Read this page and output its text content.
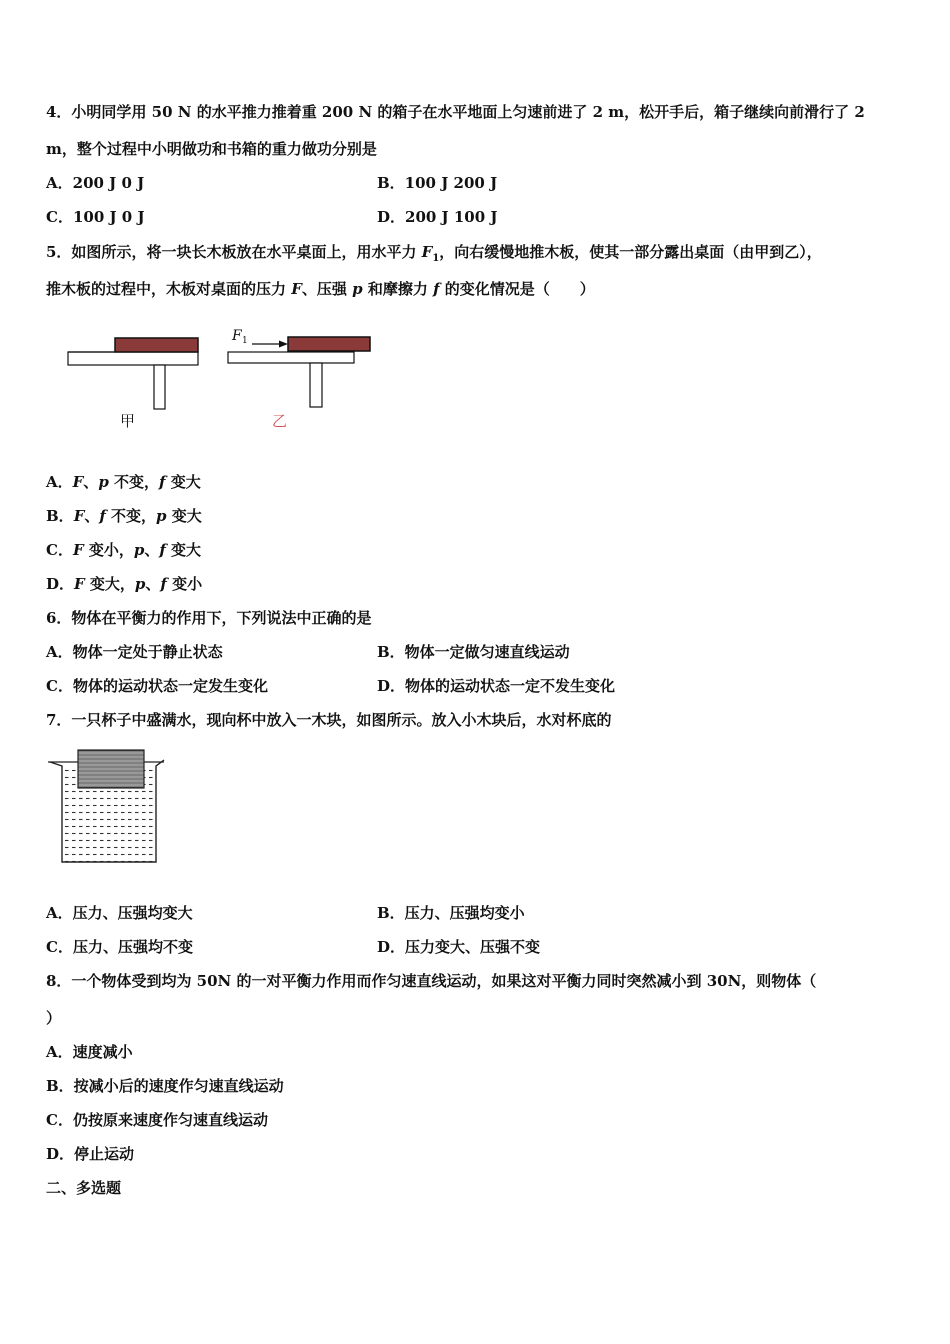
4．小明同学用 50 N 的水平推力推着重 200 N 的箱子在水平地面上匀速前进了 2 m，松开手后，箱子继续向前滑行了 2
m，整个过程中小明做功和书箱的重力做功分别是
A．200 J 0 J	B．100 J 200 J
C．100 J 0 J	D．200 J 100 J
5．如图所示，将一块长木板放在水平桌面上，用水平力 $F_1$，向右缓慢地推木板，使其一部分露出桌面（由甲到乙），
推木板的过程中，木板对桌面的压力 F、压强 p 和摩擦力 f 的变化情况是（　　）
甲
F 1
乙
A．F、p 不变，f 变大
B．F、f 不变，p 变大
C．F 变小，p、f 变大
D．F 变大，p、f 变小
6．物体在平衡力的作用下，下列说法中正确的是
A．物体一定处于静止状态	B．物体一定做匀速直线运动
C．物体的运动状态一定发生变化	D．物体的运动状态一定不发生变化
7．一只杯子中盛满水，现向杯中放入一木块，如图所示。放入小木块后，水对杯底的
A．压力、压强均变大	B．压力、压强均变小
C．压力、压强均不变	D．压力变大、压强不变
8．一个物体受到均为 50N 的一对平衡力作用而作匀速直线运动，如果这对平衡力同时突然减小到 30N，则物体（
）
A．速度减小
B．按减小后的速度作匀速直线运动
C．仍按原来速度作匀速直线运动
D．停止运动
二、多选题
